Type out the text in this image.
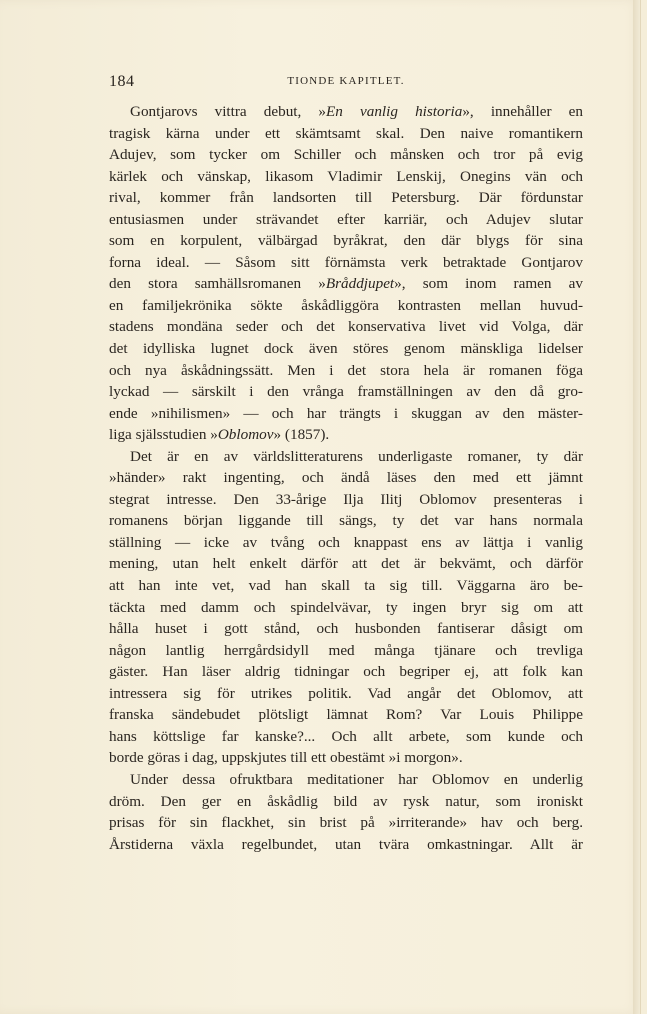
184	TIONDE KAPITLET.
Gontjarovs vittra debut, »En vanlig historia», innehåller en
tragisk kärna under ett skämtsamt skal. Den naive romantikern
Adujev, som tycker om Schiller och månsken och tror på evig
kärlek och vänskap, likasom Vladimir Lenskij, Onegins vän och
rival, kommer från landsorten till Petersburg. Där fördunstar
entusiasmen under strävandet efter karriär, och Adujev slutar
som en korpulent, välbärgad byråkrat, den där blygs för sina
forna ideal. — Såsom sitt förnämsta verk betraktade Gontjarov
den stora samhällsromanen »Bråddjupet», som inom ramen av
en familjekrönika sökte åskådliggöra kontrasten mellan huvud-
stadens mondäna seder och det konservativa livet vid Volga, där
det idylliska lugnet dock även störes genom mänskliga lidelser
och nya åskådningssätt. Men i det stora hela är romanen föga
lyckad — särskilt i den vrånga framställningen av den då gro-
ende »nihilismen» — och har trängts i skuggan av den mäster-
liga själsstudien »Oblomov» (1857).
Det är en av världslitteraturens underligaste romaner, ty där
»händer» rakt ingenting, och ändå läses den med ett jämnt
stegrat intresse. Den 33-årige Ilja Ilitj Oblomov presenteras i
romanens början liggande till sängs, ty det var hans normala
ställning — icke av tvång och knappast ens av lättja i vanlig
mening, utan helt enkelt därför att det är bekvämt, och därför
att han inte vet, vad han skall ta sig till. Väggarna äro be-
täckta med damm och spindelvävar, ty ingen bryr sig om att
hålla huset i gott stånd, och husbonden fantiserar dåsigt om
någon lantlig herrgårdsidyll med många tjänare och trevliga
gäster. Han läser aldrig tidningar och begriper ej, att folk kan
intressera sig för utrikes politik. Vad angår det Oblomov, att
franska sändebudet plötsligt lämnat Rom? Var Louis Philippe
hans köttslige far kanske?... Och allt arbete, som kunde och
borde göras i dag, uppskjutes till ett obestämt »i morgon».
Under dessa ofruktbara meditationer har Oblomov en underlig
dröm. Den ger en åskådlig bild av rysk natur, som ironiskt
prisas för sin flackhet, sin brist på »irriterande» hav och berg.
Årstiderna växla regelbundet, utan tvära omkastningar. Allt är
